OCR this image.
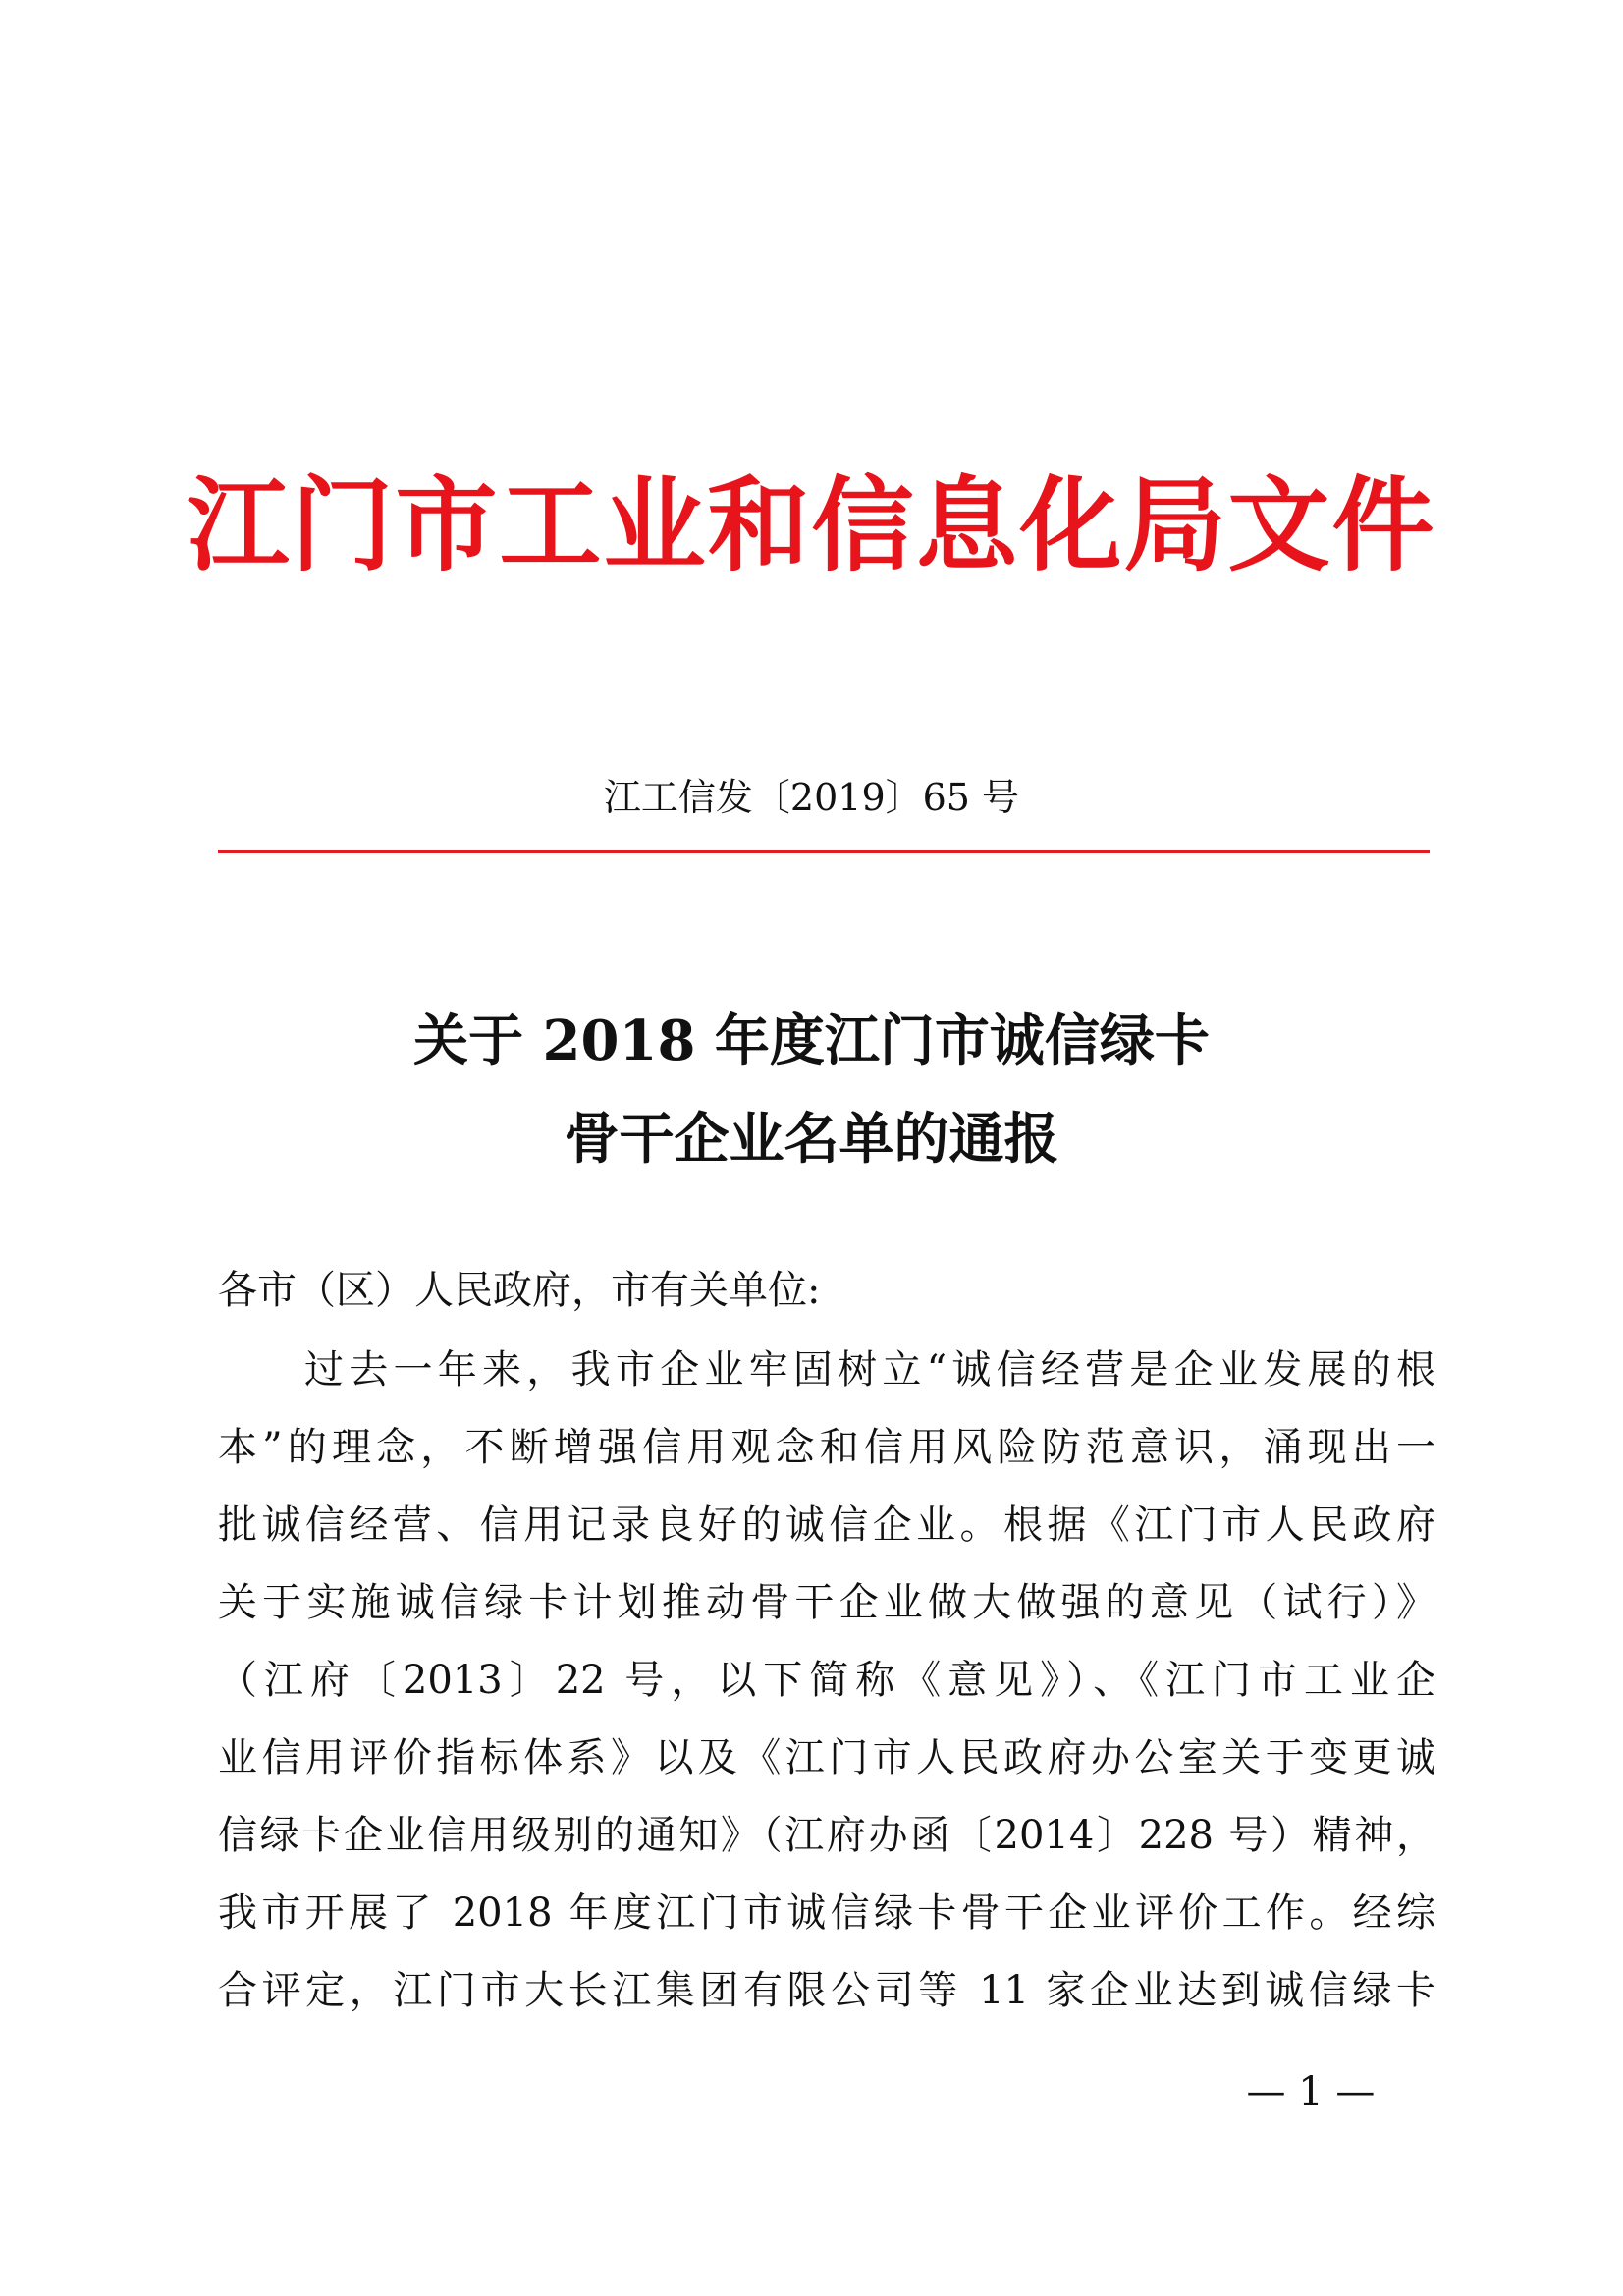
江门市工业和信息化局文件
江工信发〔2019〕65 号
关于 2018 年度江门市诚信绿卡
骨干企业名单的通报
各市（区）人民政府，市有关单位:
过去一年来，我市企业牢固树立“诚信经营是企业发展的根
本”的理念，不断增强信用观念和信用风险防范意识，涌现出一
批诚信经营、信用记录良好的诚信企业。根据《江门市人民政府
关于实施诚信绿卡计划推动骨干企业做大做强的意见（试行）》
（江府〔2013〕22 号，以下简称《意见》）、《江门市工业企
业信用评价指标体系》以及《江门市人民政府办公室关于变更诚
信绿卡企业信用级别的通知》（江府办函〔2014〕228 号）精神，
我市开展了 2018 年度江门市诚信绿卡骨干企业评价工作。经综
合评定，江门市大长江集团有限公司等 11 家企业达到诚信绿卡
— 1 —
